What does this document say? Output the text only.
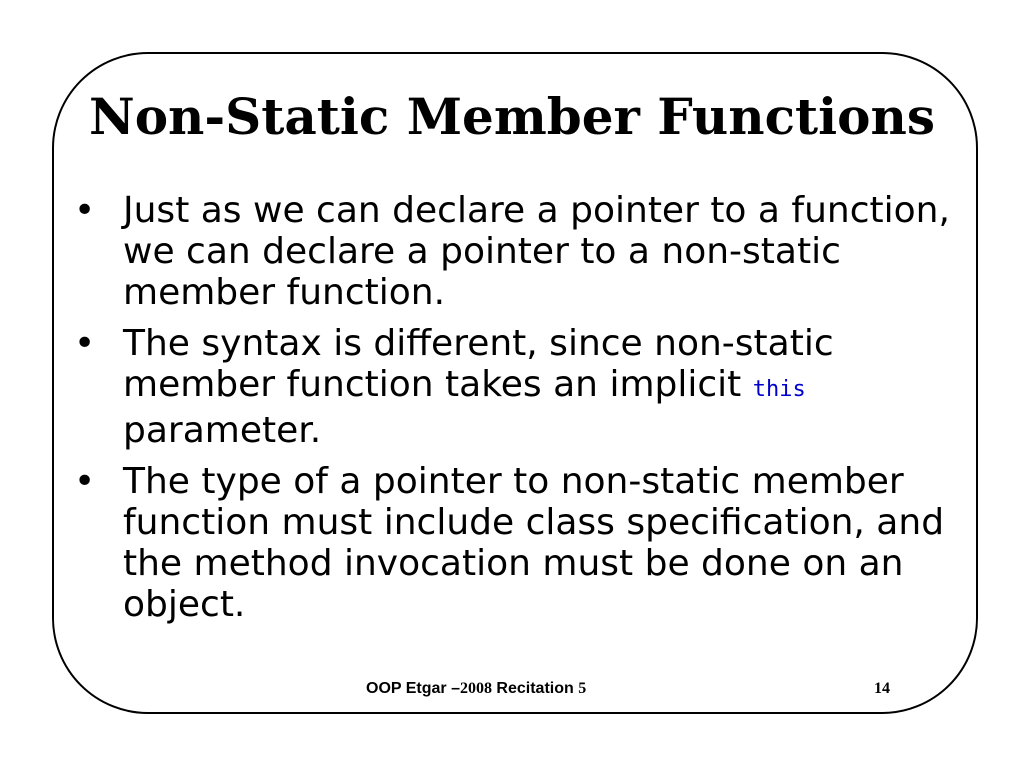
Non-Static Member Functions
• Just as we can declare a pointer to a function, we can declare a pointer to a non-static member function.
• The syntax is different, since non-static member function takes an implicit this parameter.
• The type of a pointer to non-static member function must include class specification, and the method invocation must be done on an object.
OOP Etgar –2008 Recitation 5	14
